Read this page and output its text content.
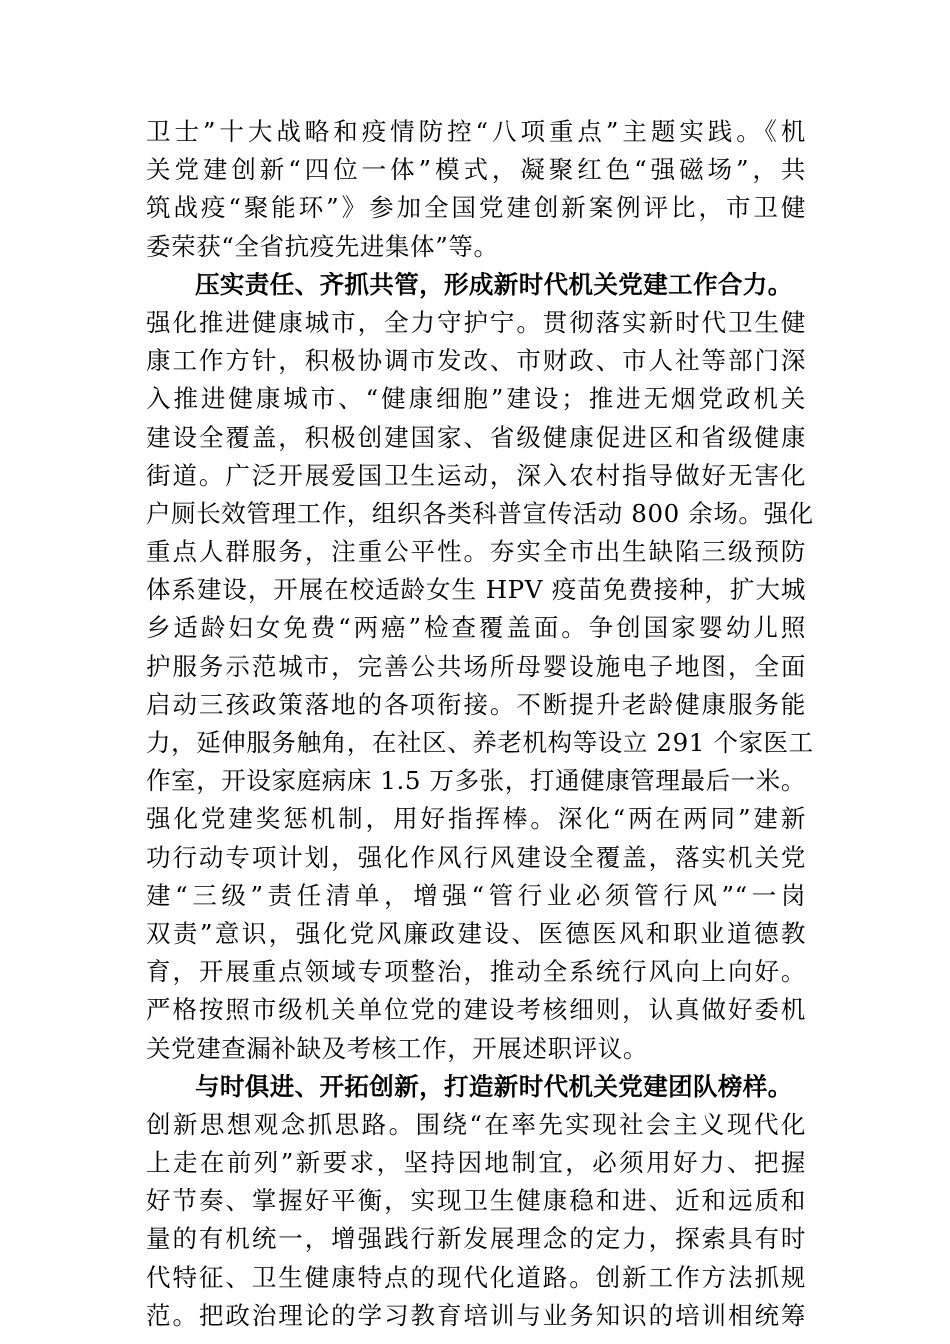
卫士”十大战略和疫情防控“八项重点”主题实践。《机
关党建创新“四位一体”模式，凝聚红色“强磁场”，共
筑战疫“聚能环”》参加全国党建创新案例评比，市卫健
委荣获“全省抗疫先进集体”等。
压实责任、齐抓共管，形成新时代机关党建工作合力。
强化推进健康城市，全力守护宁。贯彻落实新时代卫生健
康工作方针，积极协调市发改、市财政、市人社等部门深
入推进健康城市、“健康细胞”建设；推进无烟党政机关
建设全覆盖，积极创建国家、省级健康促进区和省级健康
街道。广泛开展爱国卫生运动，深入农村指导做好无害化
户厕长效管理工作，组织各类科普宣传活动 800 余场。强化
重点人群服务，注重公平性。夯实全市出生缺陷三级预防
体系建设，开展在校适龄女生 HPV 疫苗免费接种，扩大城
乡适龄妇女免费“两癌”检查覆盖面。争创国家婴幼儿照
护服务示范城市，完善公共场所母婴设施电子地图，全面
启动三孩政策落地的各项衔接。不断提升老龄健康服务能
力，延伸服务触角，在社区、养老机构等设立 291 个家医工
作室，开设家庭病床 1.5 万多张，打通健康管理最后一米。
强化党建奖惩机制，用好指挥棒。深化“两在两同”建新
功行动专项计划，强化作风行风建设全覆盖，落实机关党
建“三级”责任清单，增强“管行业必须管行风”“一岗
双责”意识，强化党风廉政建设、医德医风和职业道德教
育，开展重点领域专项整治，推动全系统行风向上向好。
严格按照市级机关单位党的建设考核细则，认真做好委机
关党建查漏补缺及考核工作，开展述职评议。
与时俱进、开拓创新，打造新时代机关党建团队榜样。
创新思想观念抓思路。围绕“在率先实现社会主义现代化
上走在前列”新要求，坚持因地制宜，必须用好力、把握
好节奏、掌握好平衡，实现卫生健康稳和进、近和远质和
量的有机统一，增强践行新发展理念的定力，探索具有时
代特征、卫生健康特点的现代化道路。创新工作方法抓规
范。把政治理论的学习教育培训与业务知识的培训相统筹
